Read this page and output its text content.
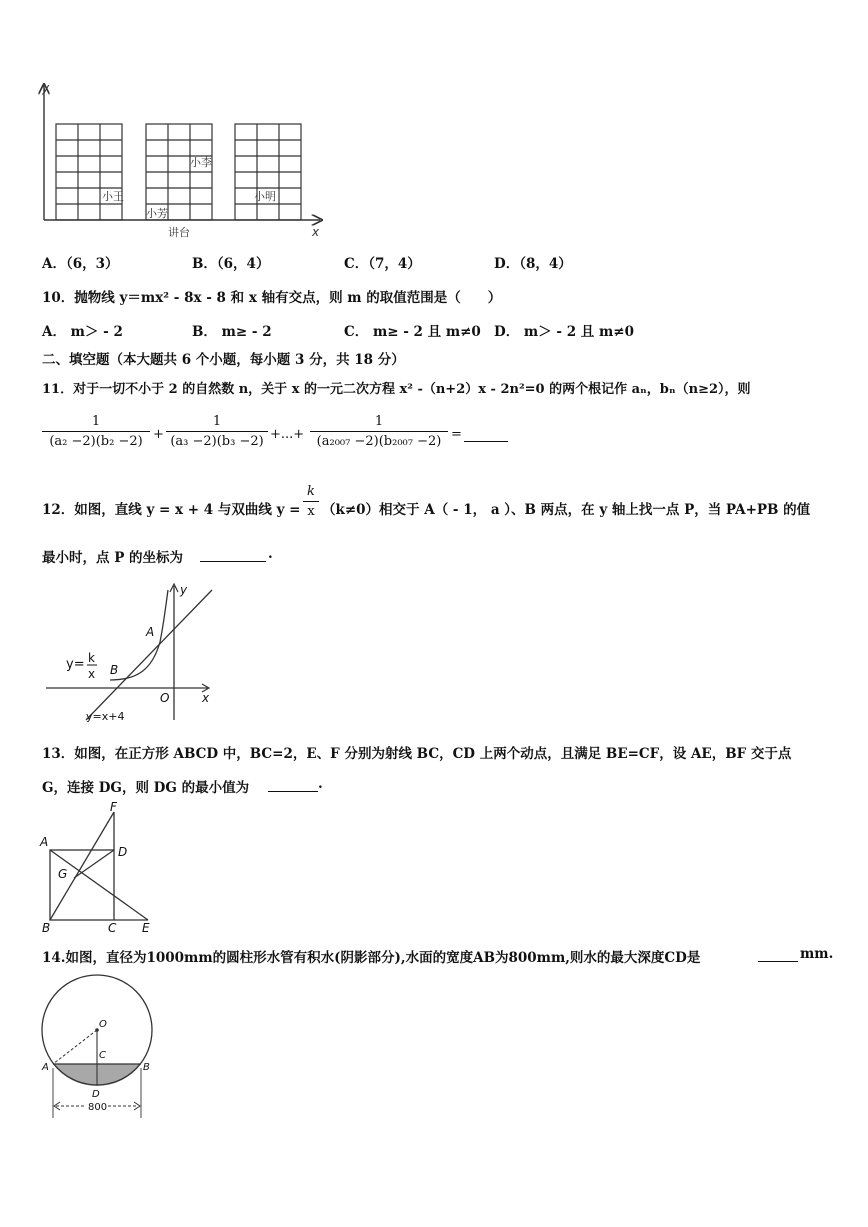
y
x
小王
小芳
小李
小明
讲台
A．（6，3）	B．（6，4）	C．（7，4）	D．（8，4）
10．抛物线 y＝mx² - 8x - 8 和 x 轴有交点，则 m 的取值范围是（　　）
A． m＞ - 2	B． m≥ - 2	C． m≥ - 2 且 m≠0 D． m＞ - 2 且 m≠0
二、填空题（本大题共 6 个小题，每小题 3 分，共 18 分）
11．对于一切不小于 2 的自然数 n，关于 x 的一元二次方程 x² -（n+2）x - 2n²=0 的两个根记作 aₙ，bₙ（n≥2），则
1
(a₂ −2)(b₂ −2) +
1
(a₃ −2)(b₃ −2) +...+
1
(a₂₀₀₇ −2)(b₂₀₀₇ −2) =
12．如图，直线 y = x + 4 与双曲线 y =
k
x （k≠0）相交于 A（ - 1， a ）、B 两点，在 y 轴上找一点 P，当 PA+PB 的值
最小时，点 P 的坐标为	.
y= k
x
A
B
O	x
y
y=x+4
13．如图，在正方形 ABCD 中，BC=2，E、F 分别为射线 BC，CD 上两个动点，且满足 BE=CF，设 AE，BF 交于点
G，连接 DG，则 DG 的最小值为	.
F
A
D
G
B	C E
14.如图，直径为1000mm的圆柱形水管有积水(阴影部分),水面的宽度AB为800mm,则水的最大深度CD是	mm.
800
O
C
A	B
D
